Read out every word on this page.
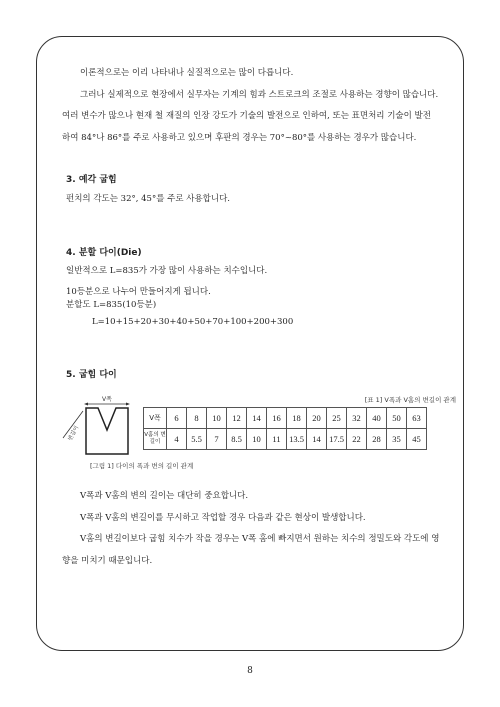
이론적으로는 이리 나타내나 실질적으로는 많이 다릅니다.
그러나 실제적으로 현장에서 실무자는 기계의 힘과 스트로크의 조절로 사용하는 경향이 많습니다.
여러 변수가 많으나 현재 철 재질의 인장 강도가 기술의 발전으로 인하여, 또는 표면처리 기술이 발전
하여 84°나 86°를 주로 사용하고 있으며 후판의 경우는 70°~80°를 사용하는 경우가 많습니다.
3. 예각 굽힘
펀치의 각도는 32°, 45°를 주로 사용합니다.
4. 분할 다이(Die)
일반적으로 L=835가 가장 많이 사용하는 치수입니다.
10등분으로 나누어 만들어지게 됩니다.
분할도 L=835(10등분)
L=10+15+20+30+40+50+70+100+200+300
5. 굽힘 다이
[표 1] V폭과 V홈의 변길이 관계
V폭
변길이
V폭	6	8	10	12	14	16	18	20	25	32	40	50	63
V홈의 변길이	4	5.5	7	8.5	10	11	13.5	14	17.5	22	28	35	45
[그림 1] 다이의 폭과 변의 길이 관계
V폭과 V홈의 변의 길이는 대단히 중요합니다.
V폭과 V홈의 변길이를 무시하고 작업할 경우 다음과 같은 현상이 발생합니다.
V홈의 변길이보다 굽힘 치수가 작을 경우는 V폭 홈에 빠지면서 원하는 치수의 정밀도와 각도에 영
향을 미치기 때문입니다.
8
